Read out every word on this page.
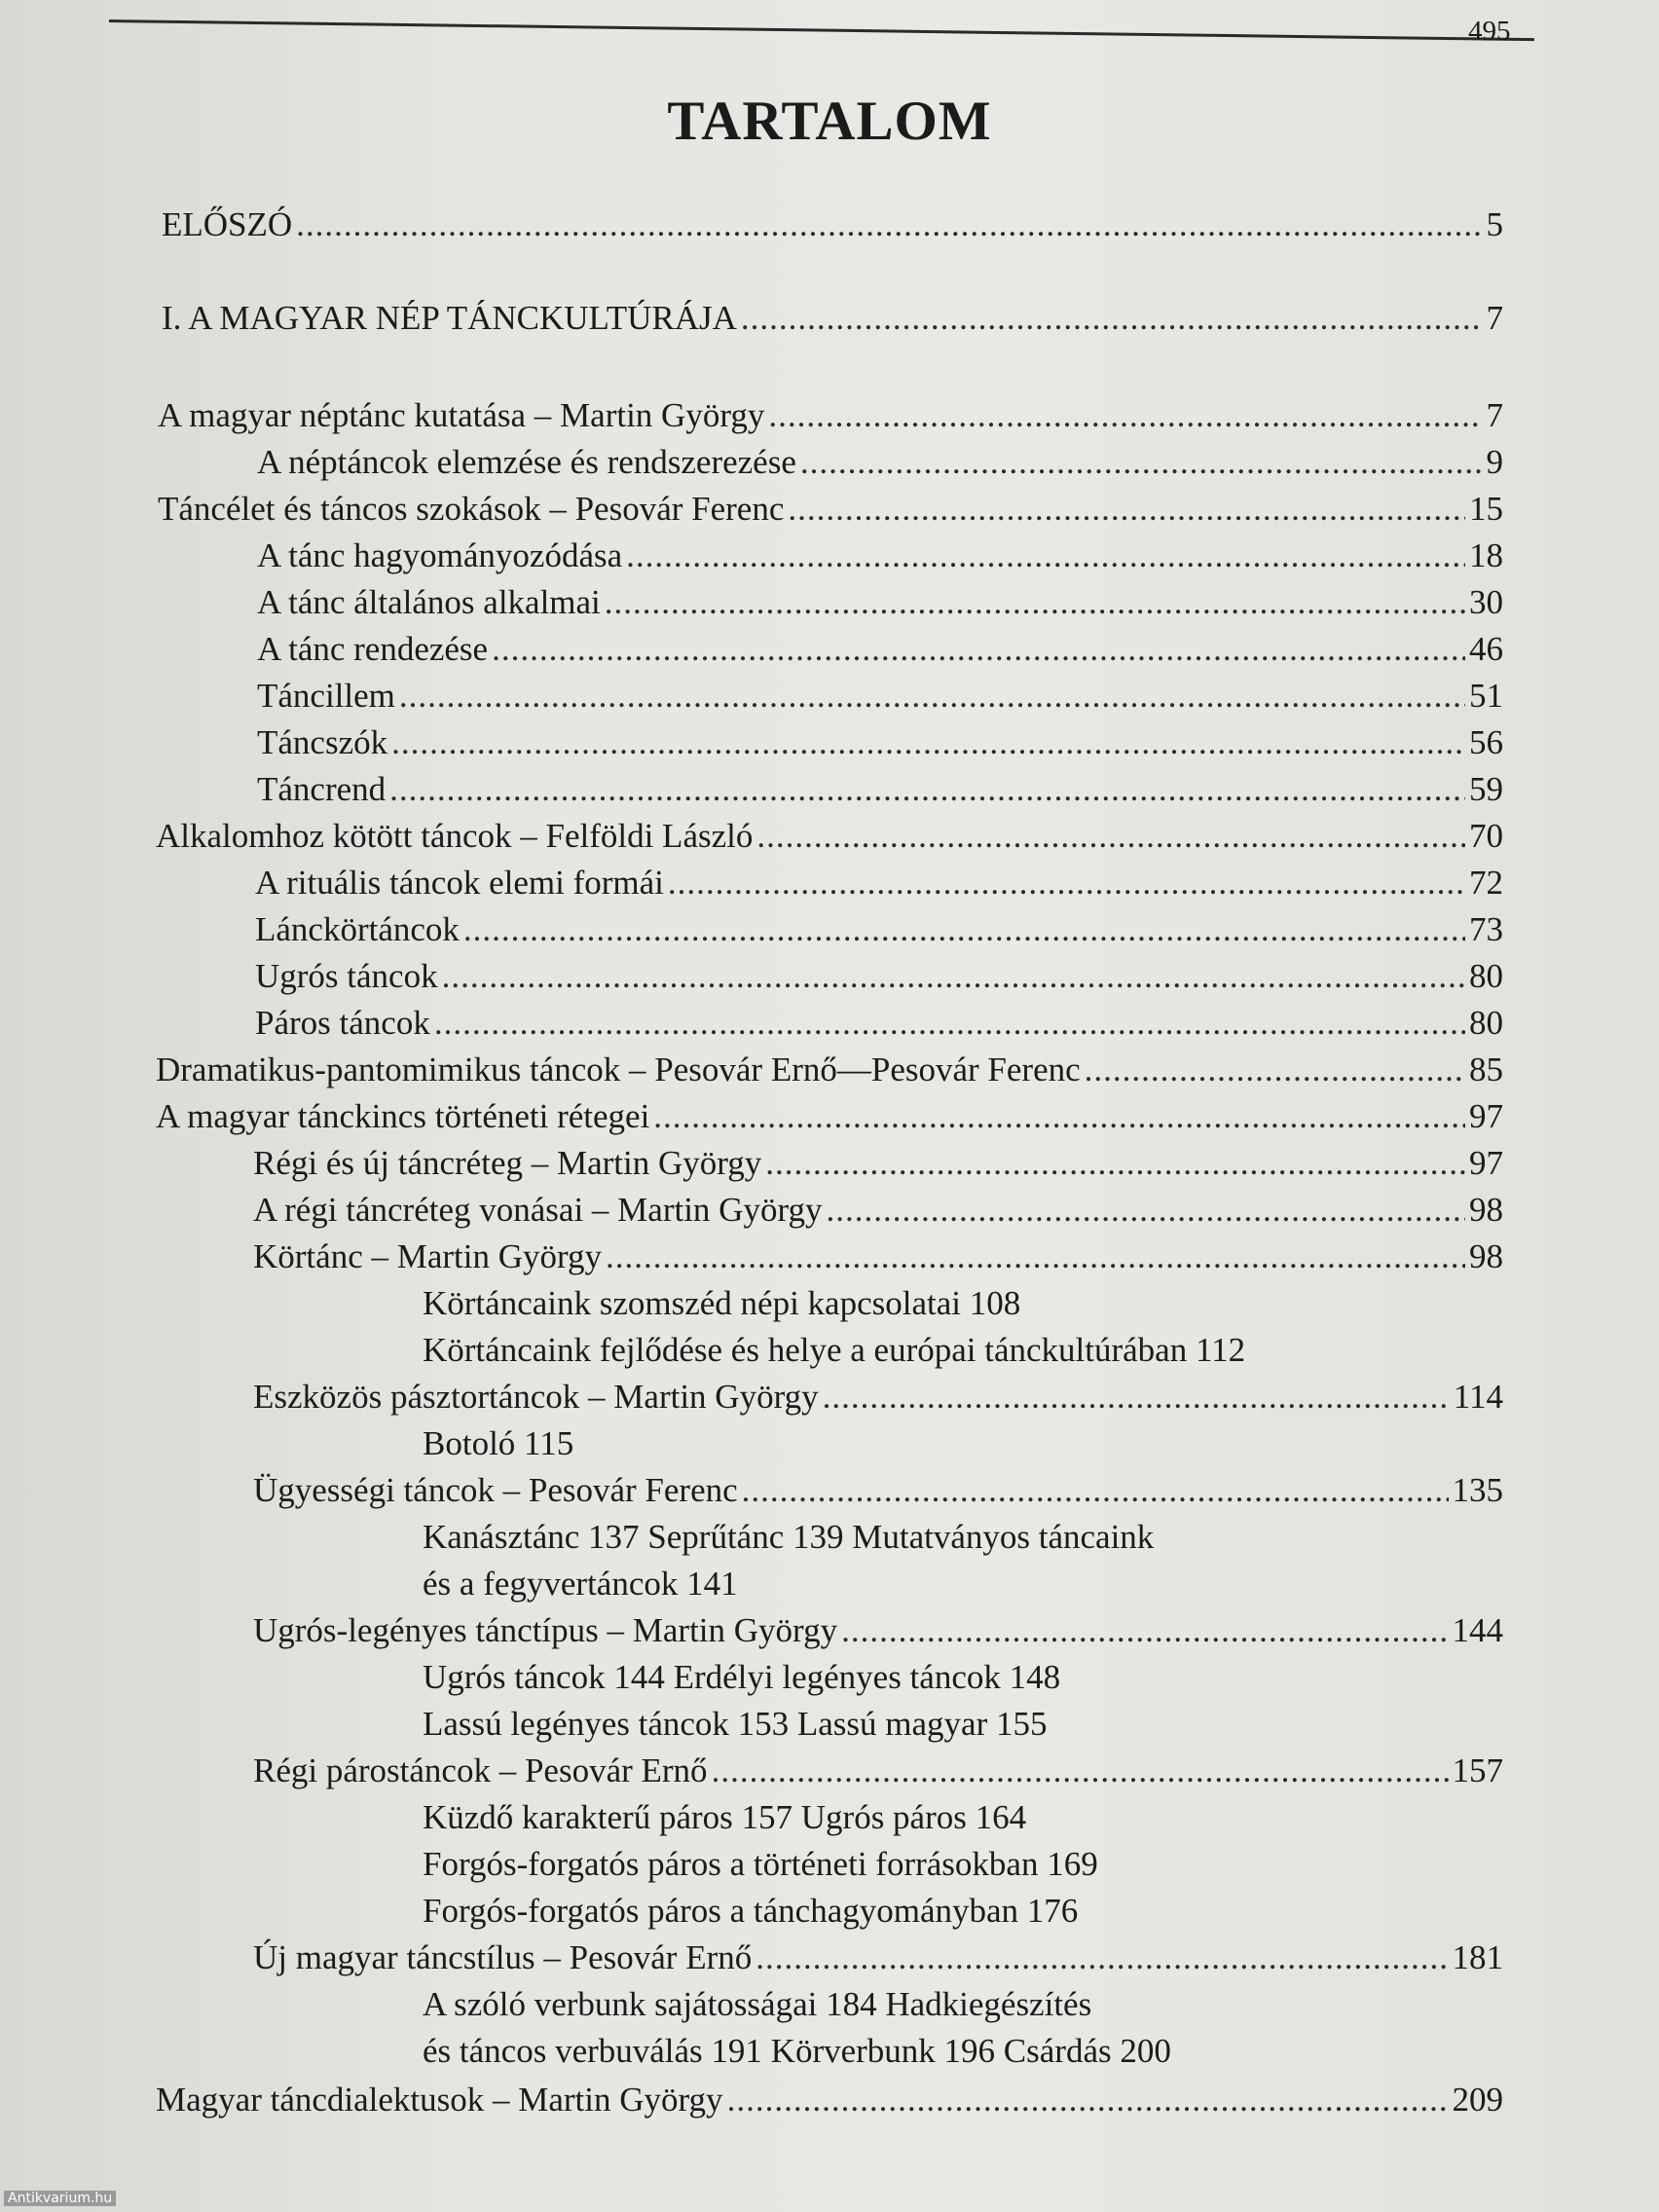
495
TARTALOM
ELŐSZÓ .....	5
I. A MAGYAR NÉP TÁNCKULTÚRÁJA .....	7
A magyar néptánc kutatása – Martin György .....	7
A néptáncok elemzése és rendszerezése .....	9
Táncélet és táncos szokások – Pesovár Ferenc .....	15
A tánc hagyományozódása .....	18
A tánc általános alkalmai .....	30
A tánc rendezése .....	46
Táncillem .....	51
Táncszók .....	56
Táncrend .....	59
Alkalomhoz kötött táncok – Felföldi László .....	70
A rituális táncok elemi formái .....	72
Lánckörtáncok .....	73
Ugrós táncok .....	80
Páros táncok .....	80
Dramatikus-pantomimikus táncok – Pesovár Ernő—Pesovár Ferenc .....	85
A magyar tánckincs történeti rétegei .....	97
Régi és új táncréteg – Martin György .....	97
A régi táncréteg vonásai – Martin György .....	98
Körtánc – Martin György .....	98
Körtáncaink szomszéd népi kapcsolatai 108
Körtáncaink fejlődése és helye a európai tánckultúrában 112
Eszközös pásztortáncok – Martin György .....	114
Botoló 115
Ügyességi táncok – Pesovár Ferenc .....	135
Kanásztánc 137 Seprűtánc 139 Mutatványos táncaink
és a fegyvertáncok 141
Ugrós-legényes tánctípus – Martin György .....	144
Ugrós táncok 144 Erdélyi legényes táncok 148
Lassú legényes táncok 153 Lassú magyar 155
Régi párostáncok – Pesovár Ernő .....	157
Küzdő karakterű páros 157 Ugrós páros 164
Forgós-forgatós páros a történeti forrásokban 169
Forgós-forgatós páros a tánchagyományban 176
Új magyar táncstílus – Pesovár Ernő .....	181
A szóló verbunk sajátosságai 184 Hadkiegészítés
és táncos verbuválás 191 Körverbunk 196 Csárdás 200
Magyar táncdialektusok – Martin György .....	209
Antikvarium.hu
